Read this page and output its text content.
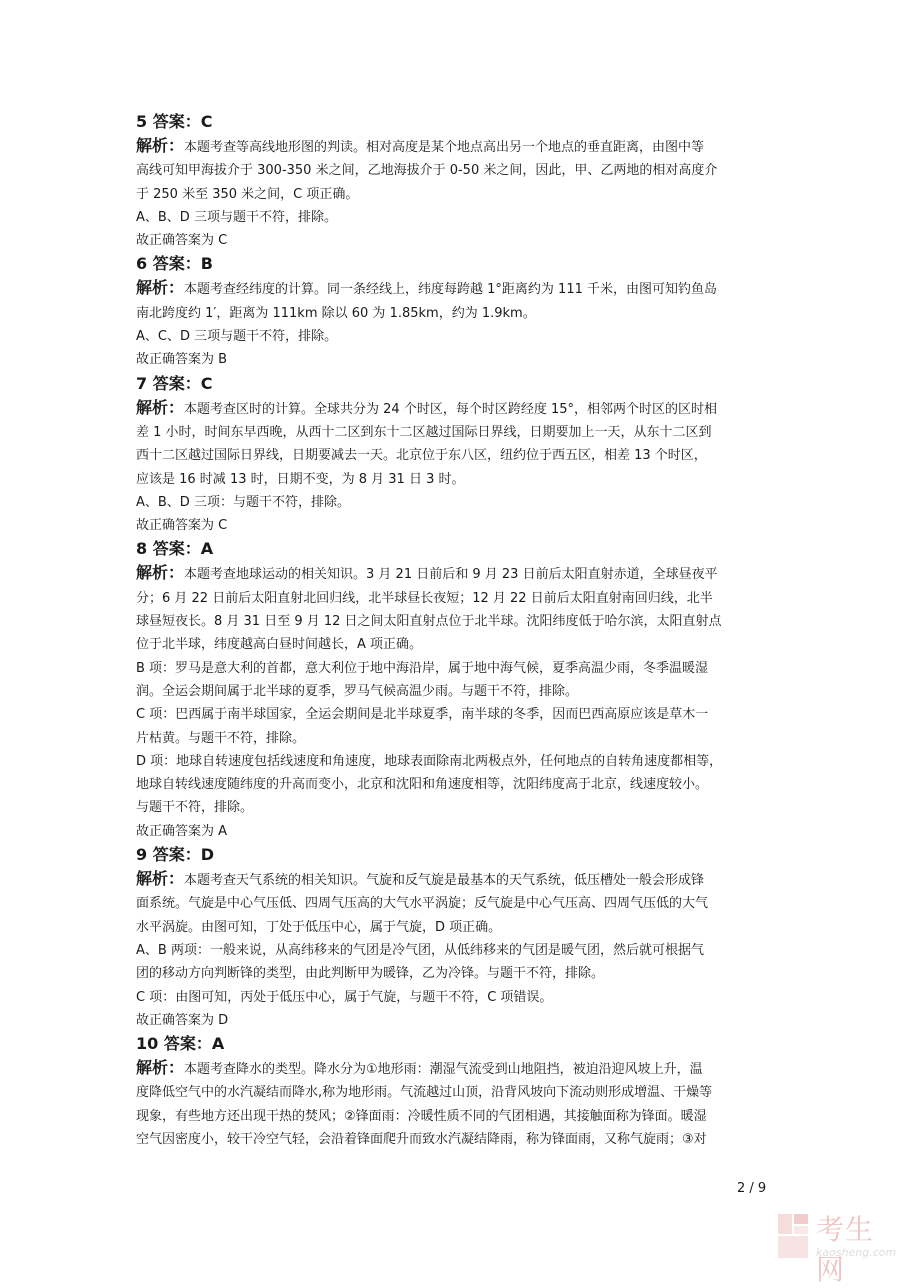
5 答案：C
解析：本题考查等高线地形图的判读。相对高度是某个地点高出另一个地点的垂直距离，由图中等
高线可知甲海拔介于 300-350 米之间，乙地海拔介于 0-50 米之间，因此，甲、乙两地的相对高度介
于 250 米至 350 米之间，C 项正确。
A、B、D 三项与题干不符，排除。
故正确答案为 C
6 答案：B
解析：本题考查经纬度的计算。同一条经线上，纬度每跨越 1°距离约为 111 千米，由图可知钓鱼岛
南北跨度约 1′，距离为 111km 除以 60 为 1.85km，约为 1.9km。
A、C、D 三项与题干不符，排除。
故正确答案为 B
7 答案：C
解析：本题考查区时的计算。全球共分为 24 个时区，每个时区跨经度 15°，相邻两个时区的区时相
差 1 小时，时间东早西晚，从西十二区到东十二区越过国际日界线，日期要加上一天，从东十二区到
西十二区越过国际日界线，日期要减去一天。北京位于东八区，纽约位于西五区，相差 13 个时区，
应该是 16 时减 13 时，日期不变，为 8 月 31 日 3 时。
A、B、D 三项：与题干不符，排除。
故正确答案为 C
8 答案：A
解析：本题考查地球运动的相关知识。3 月 21 日前后和 9 月 23 日前后太阳直射赤道，全球昼夜平
分；6 月 22 日前后太阳直射北回归线，北半球昼长夜短；12 月 22 日前后太阳直射南回归线，北半
球昼短夜长。8 月 31 日至 9 月 12 日之间太阳直射点位于北半球。沈阳纬度低于哈尔滨，太阳直射点
位于北半球，纬度越高白昼时间越长，A 项正确。
B 项：罗马是意大利的首都，意大利位于地中海沿岸，属于地中海气候，夏季高温少雨，冬季温暖湿
润。全运会期间属于北半球的夏季，罗马气候高温少雨。与题干不符，排除。
C 项：巴西属于南半球国家，全运会期间是北半球夏季，南半球的冬季，因而巴西高原应该是草木一
片枯黄。与题干不符，排除。
D 项：地球自转速度包括线速度和角速度，地球表面除南北两极点外，任何地点的自转角速度都相等，
地球自转线速度随纬度的升高而变小，北京和沈阳和角速度相等，沈阳纬度高于北京，线速度较小。
与题干不符，排除。
故正确答案为 A
9 答案：D
解析：本题考查天气系统的相关知识。气旋和反气旋是最基本的天气系统，低压槽处一般会形成锋
面系统。气旋是中心气压低、四周气压高的大气水平涡旋；反气旋是中心气压高、四周气压低的大气
水平涡旋。由图可知，丁处于低压中心，属于气旋，D 项正确。
A、B 两项：一般来说，从高纬移来的气团是冷气团，从低纬移来的气团是暖气团，然后就可根据气
团的移动方向判断锋的类型，由此判断甲为暖锋，乙为冷锋。与题干不符，排除。
C 项：由图可知，丙处于低压中心，属于气旋，与题干不符，C 项错误。
故正确答案为 D
10 答案：A
解析：本题考查降水的类型。降水分为①地形雨：潮湿气流受到山地阻挡，被迫沿迎风坡上升，温
度降低空气中的水汽凝结而降水,称为地形雨。气流越过山顶，沿背风坡向下流动则形成增温、干燥等
现象，有些地方还出现干热的焚风；②锋面雨：冷暖性质不同的气团相遇，其接触面称为锋面。暖湿
空气因密度小，较干冷空气轻，会沿着锋面爬升而致水汽凝结降雨，称为锋面雨，又称气旋雨；③对
2 / 9
考生网
kaosheng.com
